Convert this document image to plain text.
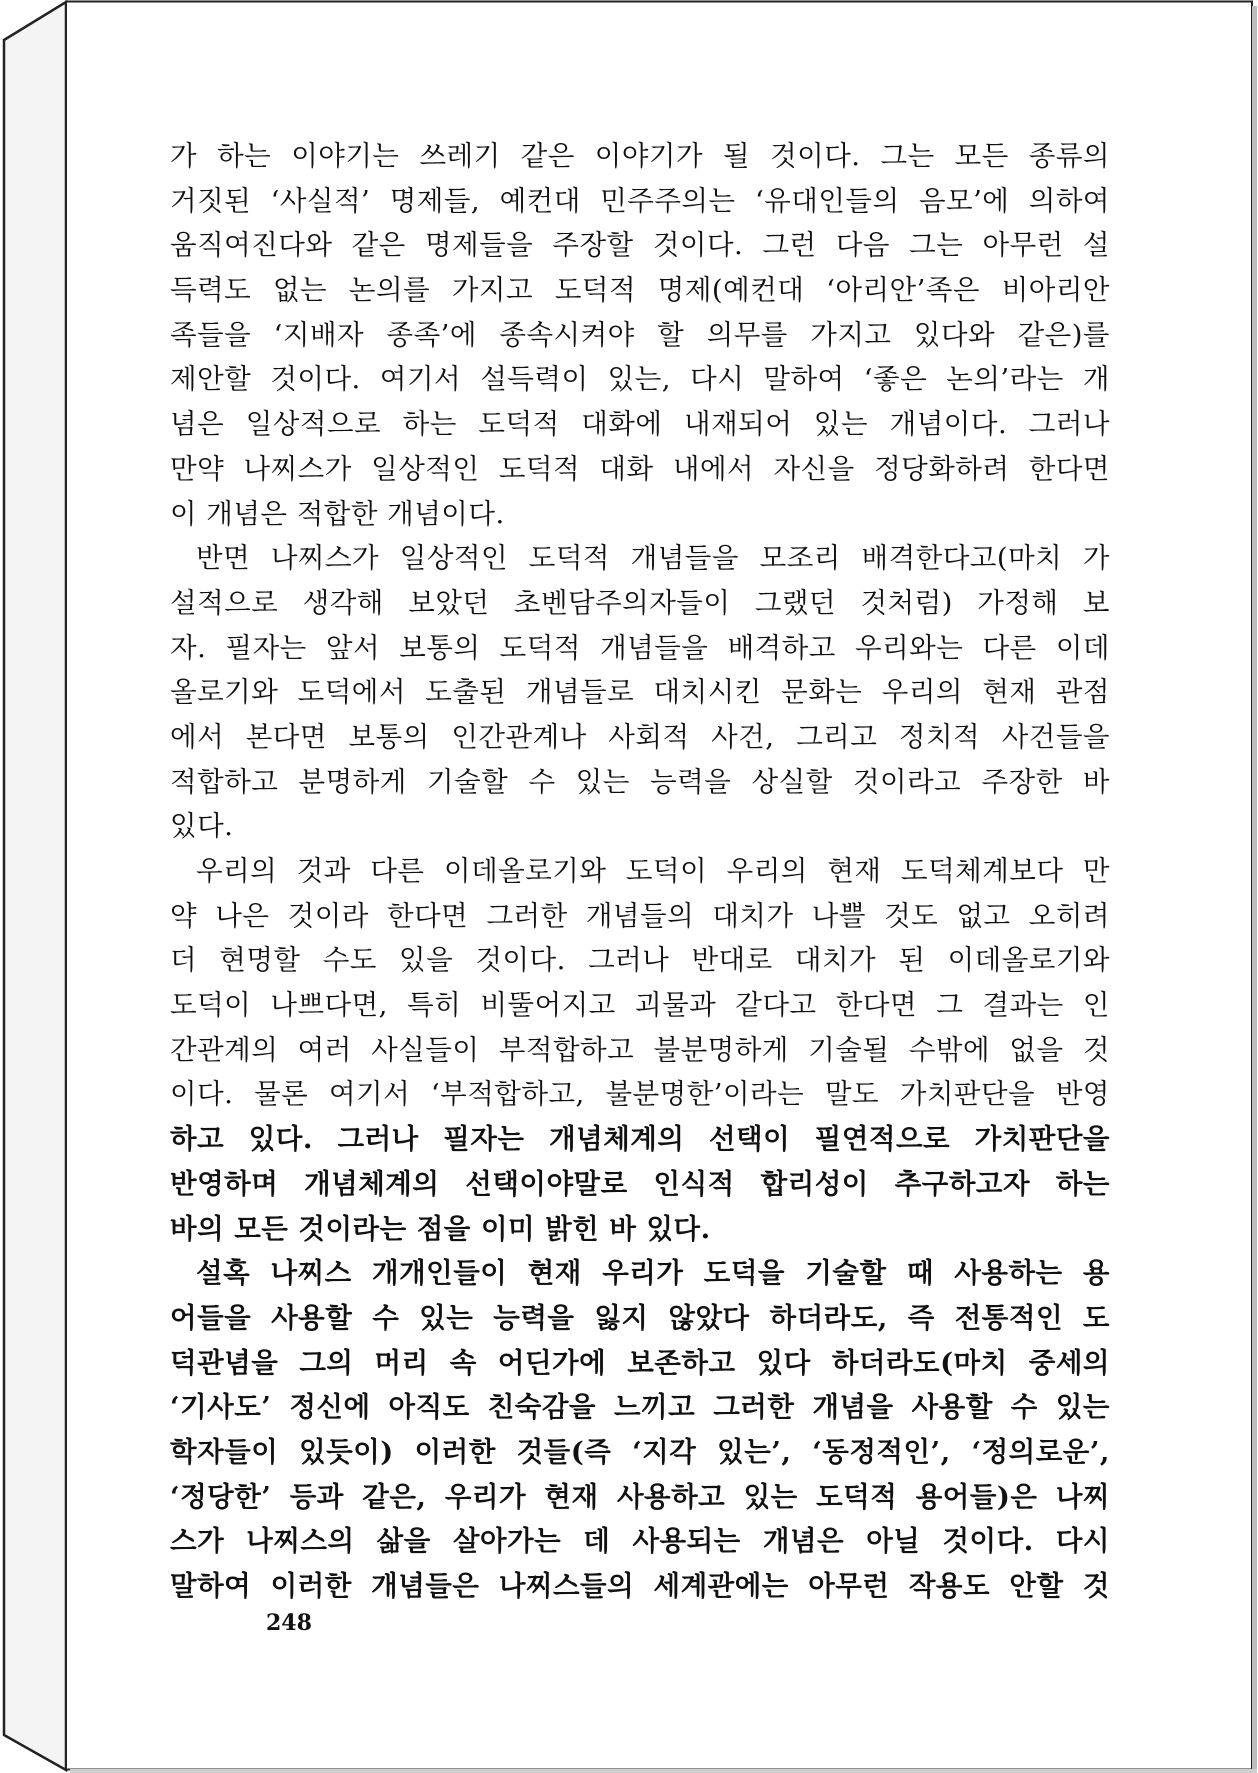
가 하는 이야기는 쓰레기 같은 이야기가 될 것이다. 그는 모든 종류의
거짓된 ‘사실적’ 명제들, 예컨대 민주주의는 ‘유대인들의 음모’에 의하여
움직여진다와 같은 명제들을 주장할 것이다. 그런 다음 그는 아무런 설
득력도 없는 논의를 가지고 도덕적 명제(예컨대 ‘아리안’족은 비아리안
족들을 ‘지배자 종족’에 종속시켜야 할 의무를 가지고 있다와 같은)를
제안할 것이다. 여기서 설득력이 있는, 다시 말하여 ‘좋은 논의’라는 개
념은 일상적으로 하는 도덕적 대화에 내재되어 있는 개념이다. 그러나
만약 나찌스가 일상적인 도덕적 대화 내에서 자신을 정당화하려 한다면
이 개념은 적합한 개념이다.
반면 나찌스가 일상적인 도덕적 개념들을 모조리 배격한다고(마치 가
설적으로 생각해 보았던 초벤담주의자들이 그랬던 것처럼) 가정해 보
자. 필자는 앞서 보통의 도덕적 개념들을 배격하고 우리와는 다른 이데
올로기와 도덕에서 도출된 개념들로 대치시킨 문화는 우리의 현재 관점
에서 본다면 보통의 인간관계나 사회적 사건, 그리고 정치적 사건들을
적합하고 분명하게 기술할 수 있는 능력을 상실할 것이라고 주장한 바
있다.
우리의 것과 다른 이데올로기와 도덕이 우리의 현재 도덕체계보다 만
약 나은 것이라 한다면 그러한 개념들의 대치가 나쁠 것도 없고 오히려
더 현명할 수도 있을 것이다. 그러나 반대로 대치가 된 이데올로기와
도덕이 나쁘다면, 특히 비뚤어지고 괴물과 같다고 한다면 그 결과는 인
간관계의 여러 사실들이 부적합하고 불분명하게 기술될 수밖에 없을 것
이다. 물론 여기서 ‘부적합하고, 불분명한’이라는 말도 가치판단을 반영
하고 있다. 그러나 필자는 개념체계의 선택이 필연적으로 가치판단을
반영하며 개념체계의 선택이야말로 인식적 합리성이 추구하고자 하는
바의 모든 것이라는 점을 이미 밝힌 바 있다.
설혹 나찌스 개개인들이 현재 우리가 도덕을 기술할 때 사용하는 용
어들을 사용할 수 있는 능력을 잃지 않았다 하더라도, 즉 전통적인 도
덕관념을 그의 머리 속 어딘가에 보존하고 있다 하더라도(마치 중세의
‘기사도’ 정신에 아직도 친숙감을 느끼고 그러한 개념을 사용할 수 있는
학자들이 있듯이) 이러한 것들(즉 ‘지각 있는’, ‘동정적인’, ‘정의로운’,
‘정당한’ 등과 같은, 우리가 현재 사용하고 있는 도덕적 용어들)은 나찌
스가 나찌스의 삶을 살아가는 데 사용되는 개념은 아닐 것이다. 다시
말하여 이러한 개념들은 나찌스들의 세계관에는 아무런 작용도 안할 것
248
